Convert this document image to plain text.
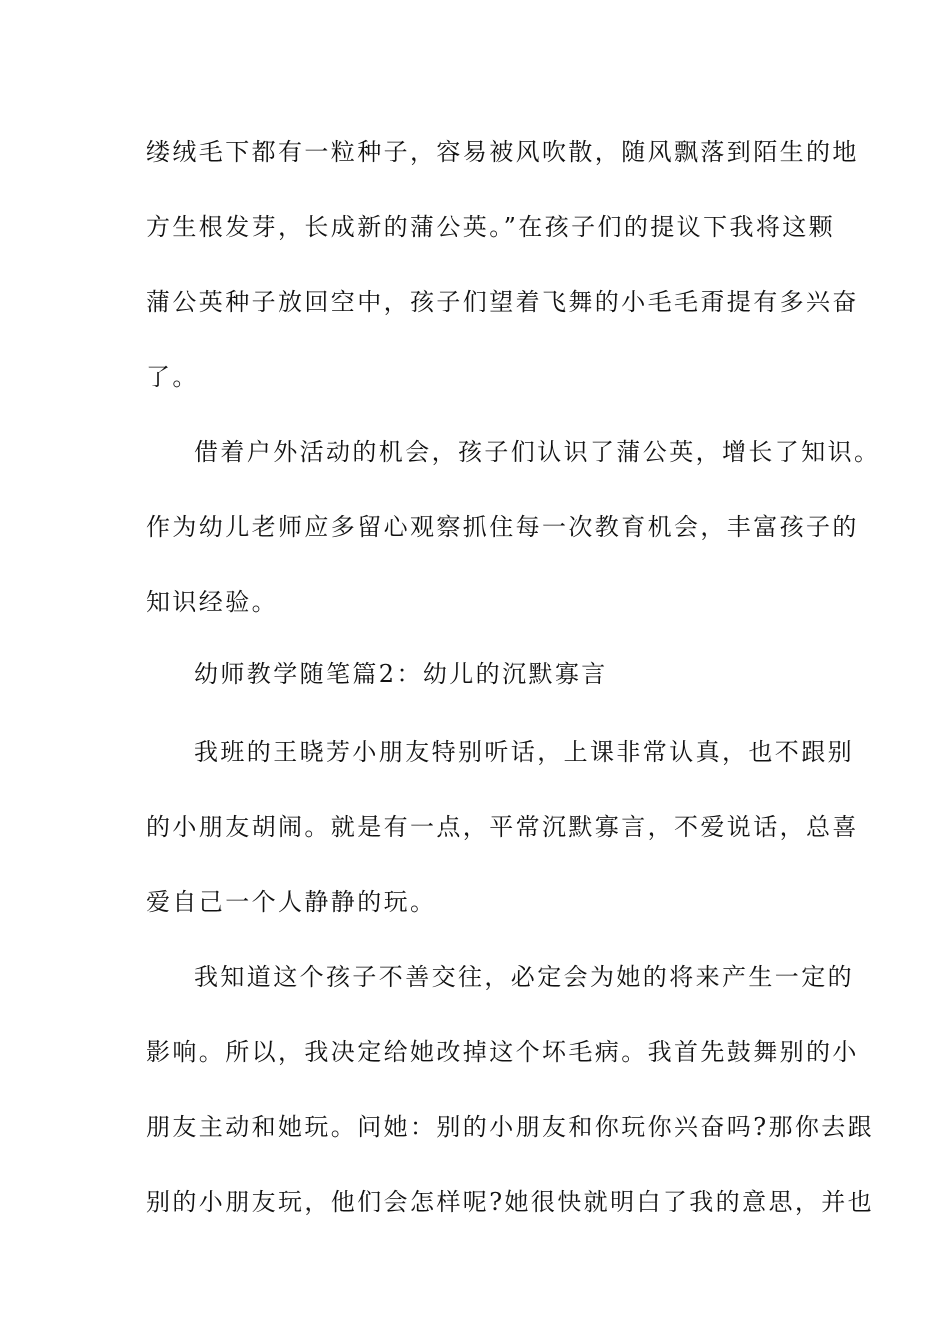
缕绒毛下都有一粒种子，容易被风吹散，随风飘落到陌生的地
方生根发芽，长成新的蒲公英。”在孩子们的提议下我将这颗
蒲公英种子放回空中，孩子们望着飞舞的小毛毛甭提有多兴奋
了。
借着户外活动的机会，孩子们认识了蒲公英，增长了知识。
作为幼儿老师应多留心观察抓住每一次教育机会，丰富孩子的
知识经验。
幼师教学随笔篇2：幼儿的沉默寡言
我班的王晓芳小朋友特别听话，上课非常认真，也不跟别
的小朋友胡闹。就是有一点，平常沉默寡言，不爱说话，总喜
爱自己一个人静静的玩。
我知道这个孩子不善交往，必定会为她的将来产生一定的
影响。所以，我决定给她改掉这个坏毛病。我首先鼓舞别的小
朋友主动和她玩。问她：别的小朋友和你玩你兴奋吗?那你去跟
别的小朋友玩，他们会怎样呢?她很快就明白了我的意思，并也
